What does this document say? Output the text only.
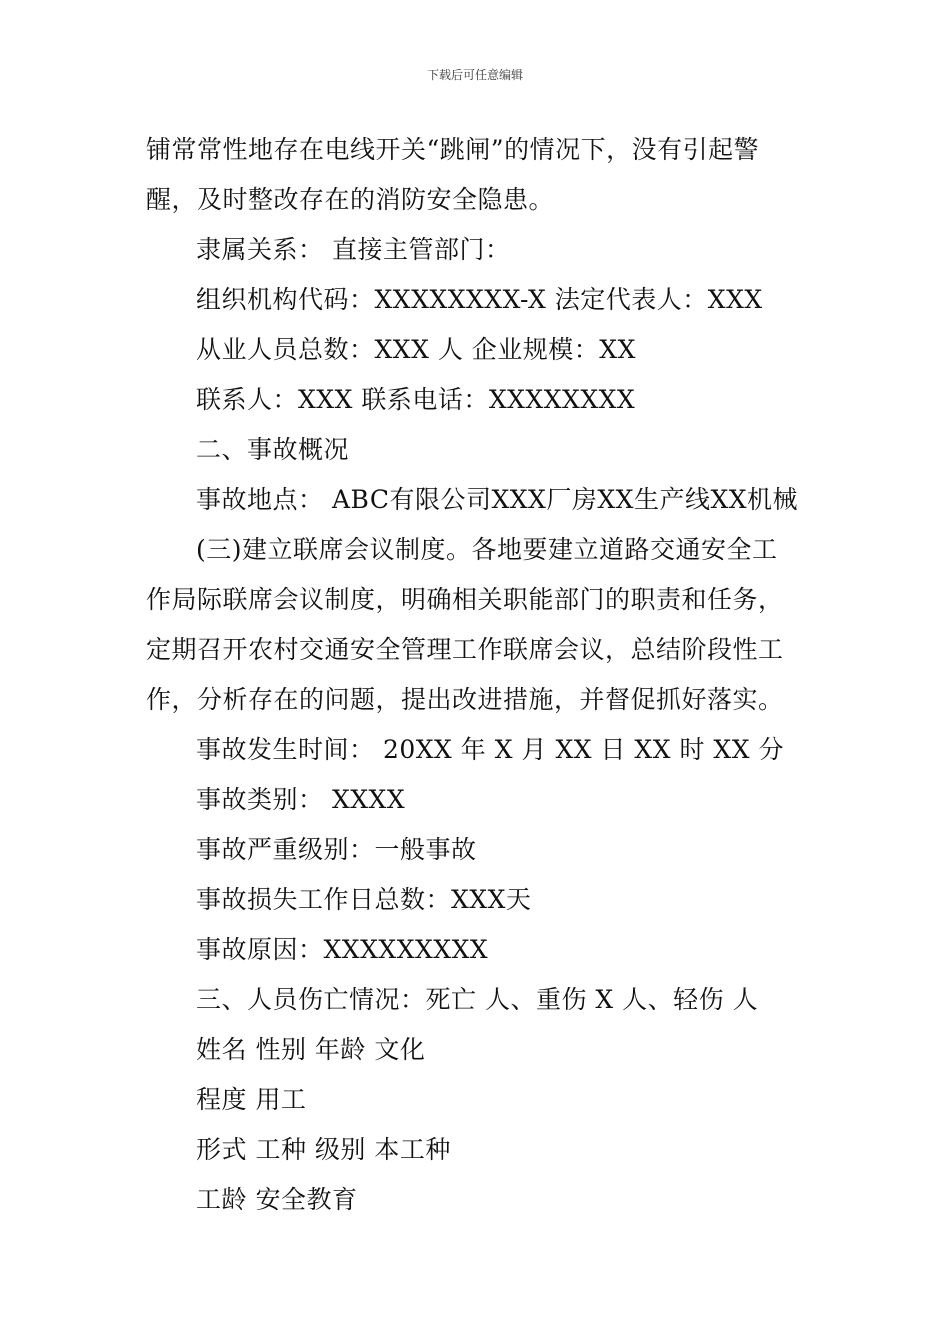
下载后可任意编辑
铺常常性地存在电线开关“跳闸”的情况下，没有引起警
醒，及时整改存在的消防安全隐患。
隶属关系： 直接主管部门：
组织机构代码：XXXXXXXX-X 法定代表人：XXX
从业人员总数：XXX 人 企业规模：XX
联系人：XXX 联系电话：XXXXXXXX
二、事故概况
事故地点： ABC有限公司XXX厂房XX生产线XX机械
(三)建立联席会议制度。各地要建立道路交通安全工
作局际联席会议制度，明确相关职能部门的职责和任务，
定期召开农村交通安全管理工作联席会议，总结阶段性工
作，分析存在的问题，提出改进措施，并督促抓好落实。
事故发生时间： 20XX 年 X 月 XX 日 XX 时 XX 分
事故类别： XXXX
事故严重级别：一般事故
事故损失工作日总数：XXX天
事故原因：XXXXXXXXX
三、人员伤亡情况：死亡 人、重伤 X 人、轻伤 人
姓名 性别 年龄 文化
程度 用工
形式 工种 级别 本工种
工龄 安全教育
